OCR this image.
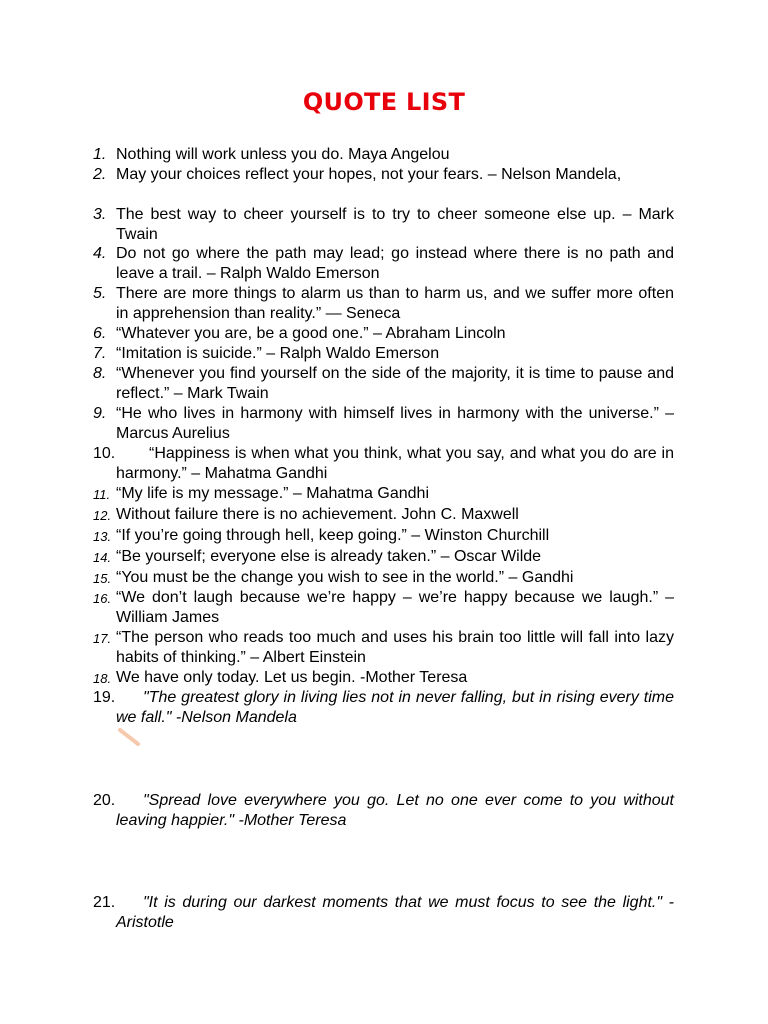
QUOTE LIST
1. Nothing will work unless you do. Maya Angelou
2. May your choices reflect your hopes, not your fears. – Nelson Mandela,
3. The best way to cheer yourself is to try to cheer someone else up. – Mark Twain
4. Do not go where the path may lead; go instead where there is no path and leave a trail. – Ralph Waldo Emerson
5. There are more things to alarm us than to harm us, and we suffer more often in apprehension than reality.” — Seneca
6. “Whatever you are, be a good one.” – Abraham Lincoln
7. “Imitation is suicide.” – Ralph Waldo Emerson
8. “Whenever you find yourself on the side of the majority, it is time to pause and reflect.” – Mark Twain
9. “He who lives in harmony with himself lives in harmony with the universe.” – Marcus Aurelius
10.	“Happiness is when what you think, what you say, and what you do are in harmony.” – Mahatma Gandhi
11. “My life is my message.” – Mahatma Gandhi
12. Without failure there is no achievement. John C. Maxwell
13. “If you’re going through hell, keep going.” – Winston Churchill
14. “Be yourself; everyone else is already taken.” – Oscar Wilde
15. “You must be the change you wish to see in the world.” – Gandhi
16. “We don’t laugh because we’re happy – we’re happy because we laugh.” – William James
17. “The person who reads too much and uses his brain too little will fall into lazy habits of thinking.” – Albert Einstein
18. We have only today. Let us begin. -Mother Teresa
19.	"The greatest glory in living lies not in never falling, but in rising every time we fall." -Nelson Mandela
20.	"Spread love everywhere you go. Let no one ever come to you without leaving happier." -Mother Teresa
21.	"It is during our darkest moments that we must focus to see the light." -Aristotle
